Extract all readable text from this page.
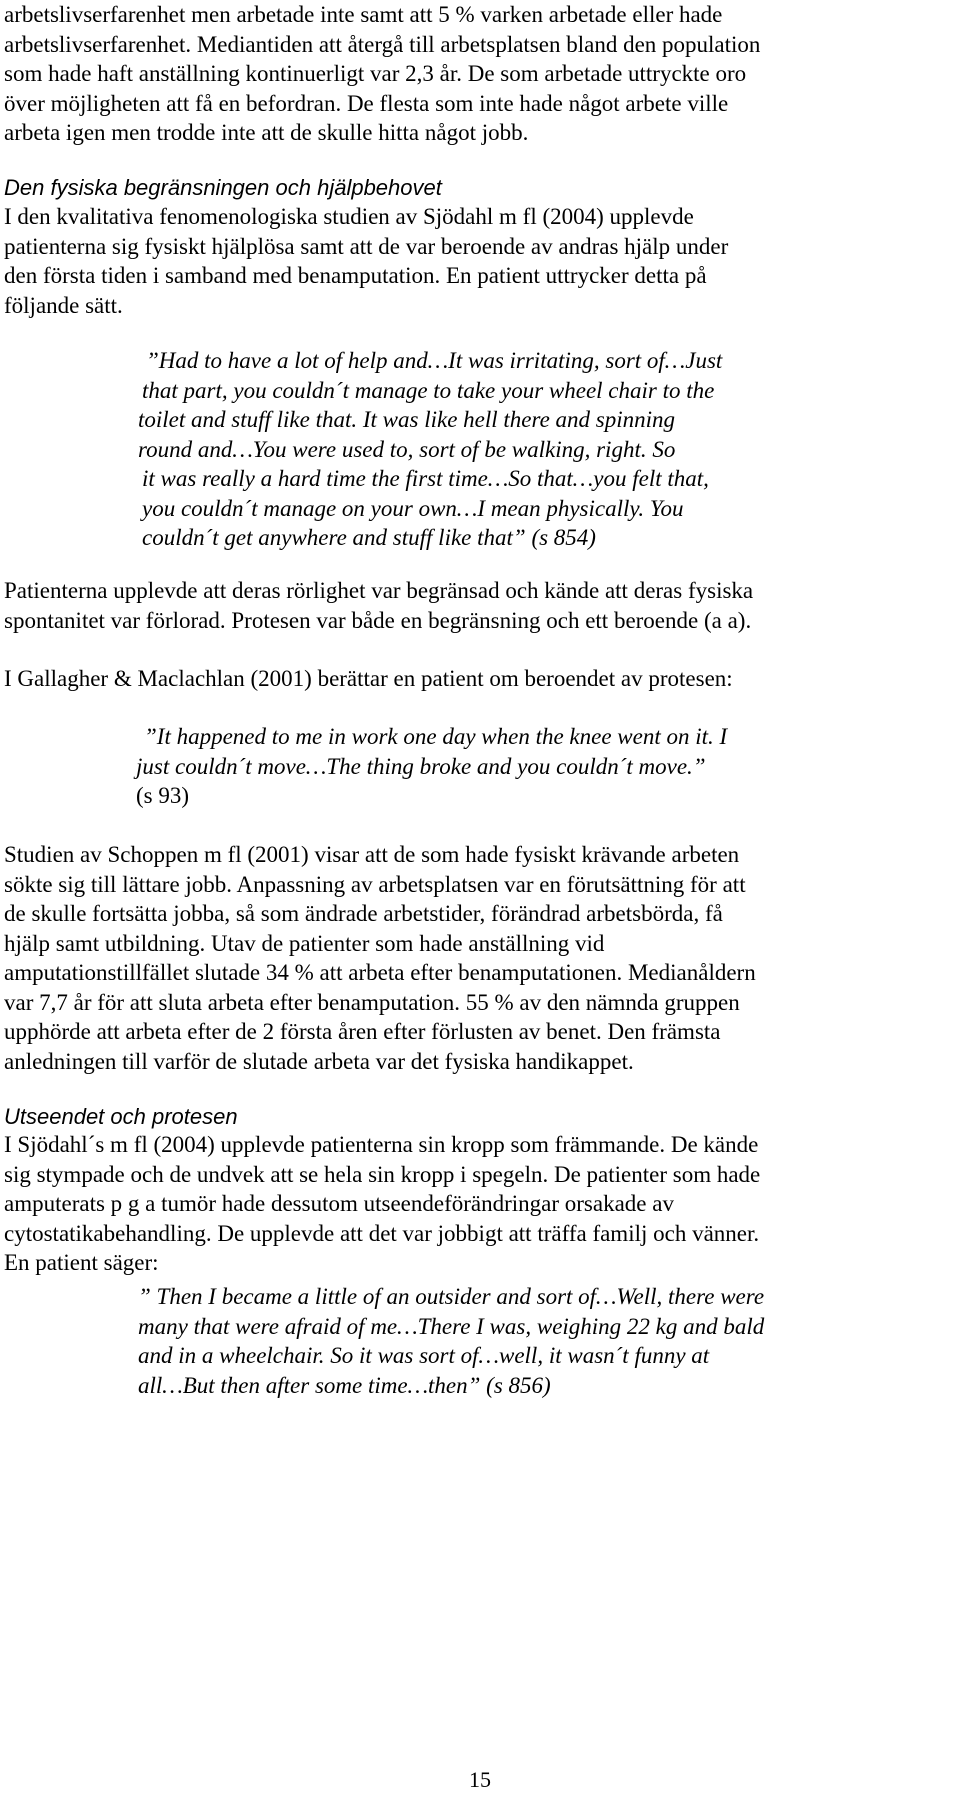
arbetslivserfarenhet men arbetade inte samt att 5 % varken arbetade eller hade
arbetslivserfarenhet. Mediantiden att återgå till arbetsplatsen bland den population
som hade haft anställning kontinuerligt var 2,3 år. De som arbetade uttryckte oro
över möjligheten att få en befordran. De flesta som inte hade något arbete ville
arbeta igen men trodde inte att de skulle hitta något jobb.

Den fysiska begränsningen och hjälpbehovet

I den kvalitativa fenomenologiska studien av Sjödahl m fl (2004) upplevde
patienterna sig fysiskt hjälplösa samt att de var beroende av andras hjälp under
den första tiden i samband med benamputation. En patient uttrycker detta på
följande sätt.

”Had to have a lot of help and…It was irritating, sort of…Just
that part, you couldn´t manage to take your wheel chair to the
toilet and stuff like that. It was like hell there and spinning
round and…You were used to, sort of be walking, right. So
it was really a hard time the first time…So that…you felt that,
you couldn´t manage on your own…I mean physically. You
couldn´t get anywhere and stuff like that” (s 854)

Patienterna upplevde att deras rörlighet var begränsad och kände att deras fysiska
spontanitet var förlorad. Protesen var både en begränsning och ett beroende (a a).

I Gallagher & Maclachlan (2001) berättar en patient om beroendet av protesen:

”It happened to me in work one day when the knee went on it. I
just couldn´t move…The thing broke and you couldn´t move.”
(s 93)

Studien av Schoppen m fl (2001) visar att de som hade fysiskt krävande arbeten
sökte sig till lättare jobb. Anpassning av arbetsplatsen var en förutsättning för att
de skulle fortsätta jobba, så som ändrade arbetstider, förändrad arbetsbörda, få
hjälp samt utbildning. Utav de patienter som hade anställning vid
amputationstillfället slutade 34 % att arbeta efter benamputationen. Medianåldern
var 7,7 år för att sluta arbeta efter benamputation. 55 % av den nämnda gruppen
upphörde att arbeta efter de 2 första åren efter förlusten av benet. Den främsta
anledningen till varför de slutade arbeta var det fysiska handikappet.

Utseendet och protesen

I Sjödahl´s m fl (2004) upplevde patienterna sin kropp som främmande. De kände
sig stympade och de undvek att se hela sin kropp i spegeln. De patienter som hade
amputerats p g a tumör hade dessutom utseendeförändringar orsakade av
cytostatikabehandling. De upplevde att det var jobbigt att träffa familj och vänner.
En patient säger:

” Then I became a little of an outsider and sort of…Well, there were
many that were afraid of me…There I was, weighing 22 kg and bald
and in a wheelchair. So it was sort of…well, it wasn´t funny at
all…But then after some time…then” (s 856)
15
